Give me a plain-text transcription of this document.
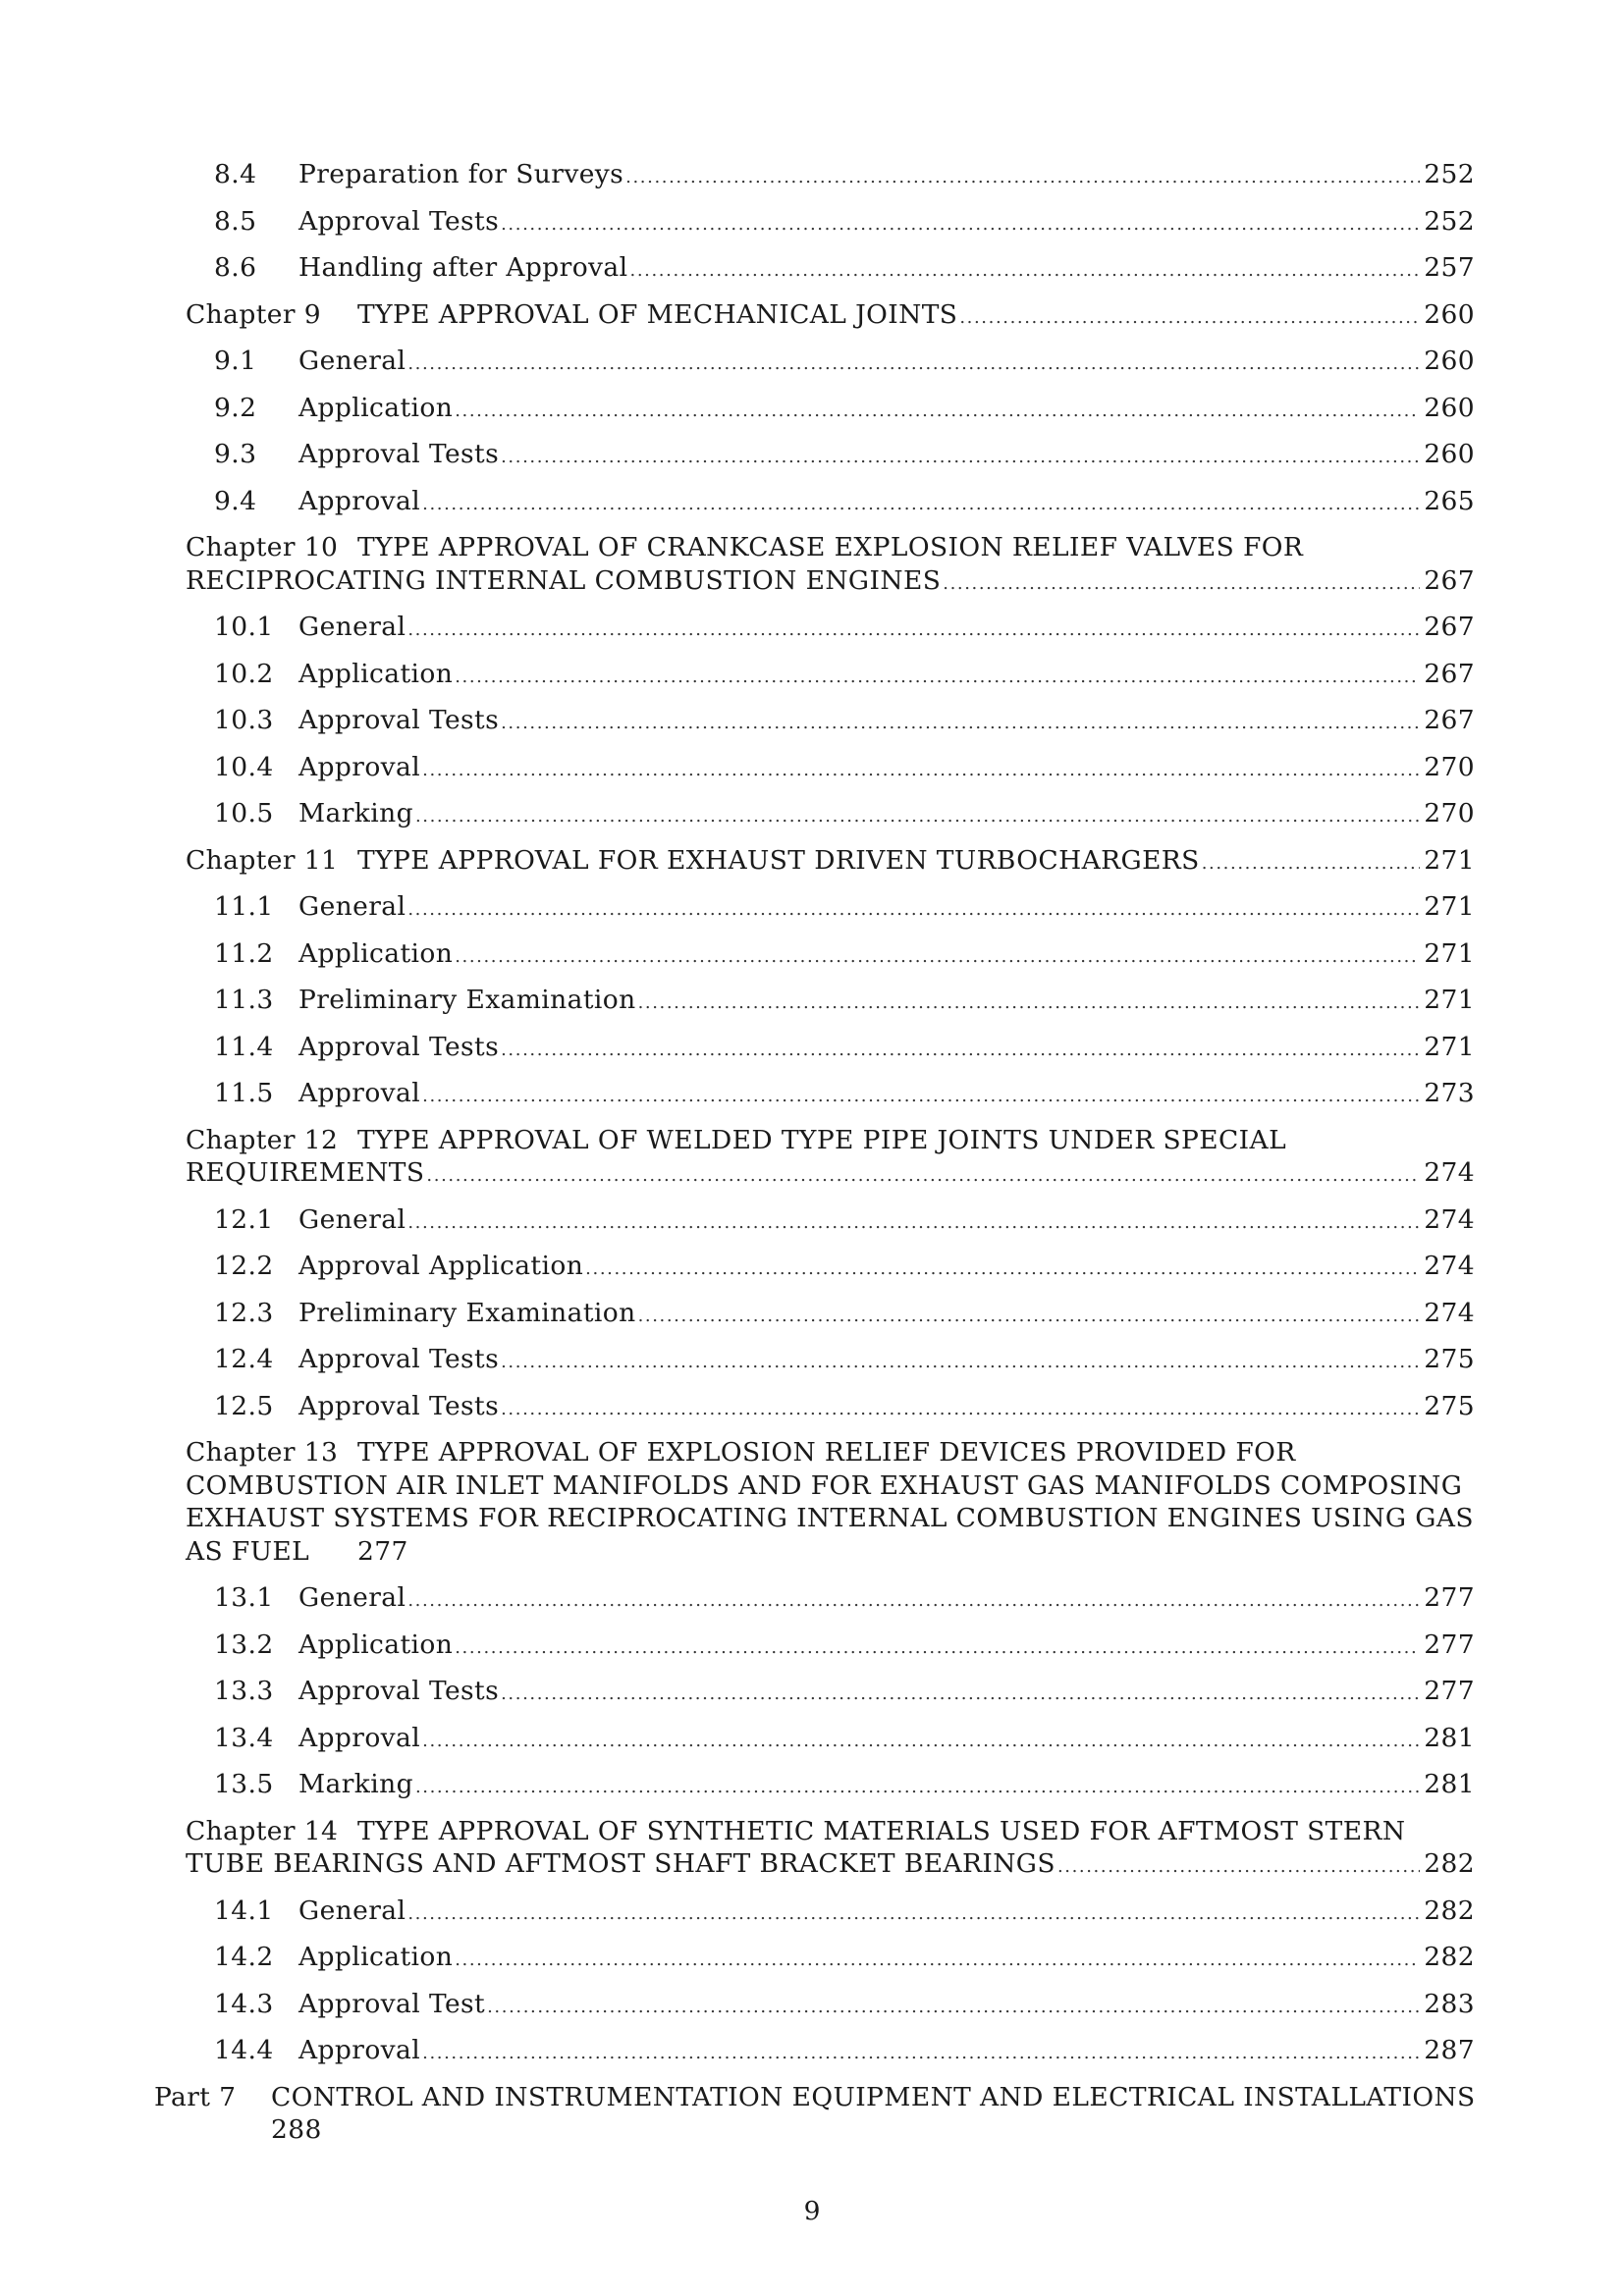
8.4	Preparation for Surveys .....	252
8.5	Approval Tests .....	252
8.6	Handling after Approval .....	257
Chapter 9	TYPE APPROVAL OF MECHANICAL JOINTS .....	260
9.1	General .....	260
9.2	Application .....	260
9.3	Approval Tests .....	260
9.4	Approval .....	265
Chapter 10 TYPE APPROVAL OF CRANKCASE EXPLOSION RELIEF VALVES FOR
RECIPROCATING INTERNAL COMBUSTION ENGINES .....	267
10.1 General .....	267
10.2 Application .....	267
10.3 Approval Tests .....	267
10.4 Approval .....	270
10.5 Marking .....	270
Chapter 11 TYPE APPROVAL FOR EXHAUST DRIVEN TURBOCHARGERS .....	271
11.1 General .....	271
11.2 Application .....	271
11.3 Preliminary Examination .....	271
11.4 Approval Tests .....	271
11.5 Approval .....	273
Chapter 12 TYPE APPROVAL OF WELDED TYPE PIPE JOINTS UNDER SPECIAL
REQUIREMENTS .....	274
12.1 General .....	274
12.2 Approval Application .....	274
12.3 Preliminary Examination .....	274
12.4 Approval Tests .....	275
12.5 Approval Tests .....	275
Chapter 13 TYPE APPROVAL OF EXPLOSION RELIEF DEVICES PROVIDED FOR
COMBUSTION AIR INLET MANIFOLDS AND FOR EXHAUST GAS MANIFOLDS COMPOSING
EXHAUST SYSTEMS FOR RECIPROCATING INTERNAL COMBUSTION ENGINES USING GAS
AS FUEL 277
13.1 General .....	277
13.2 Application .....	277
13.3 Approval Tests .....	277
13.4 Approval .....	281
13.5 Marking .....	281
Chapter 14 TYPE APPROVAL OF SYNTHETIC MATERIALS USED FOR AFTMOST STERN
TUBE BEARINGS AND AFTMOST SHAFT BRACKET BEARINGS .....	282
14.1 General .....	282
14.2 Application .....	282
14.3 Approval Test .....	283
14.4 Approval .....	287
Part 7 CONTROL AND INSTRUMENTATION EQUIPMENT AND ELECTRICAL INSTALLATIONS
288
9
